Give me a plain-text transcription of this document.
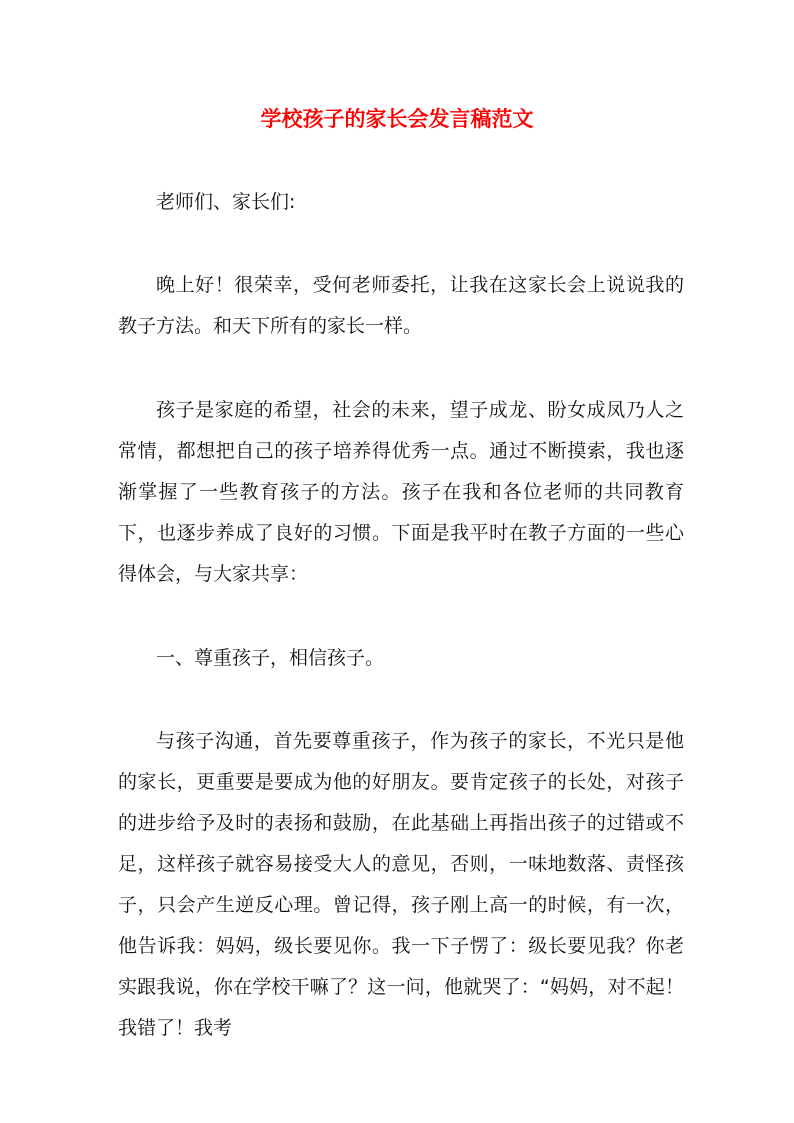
学校孩子的家长会发言稿范文

老师们、家长们:

晚上好！很荣幸，受何老师委托，让我在这家长会上说说我的教子方法。和天下所有的家长一样。

孩子是家庭的希望，社会的未来，望子成龙、盼女成凤乃人之常情，都想把自己的孩子培养得优秀一点。通过不断摸索，我也逐渐掌握了一些教育孩子的方法。孩子在我和各位老师的共同教育下，也逐步养成了良好的习惯。下面是我平时在教子方面的一些心得体会，与大家共享：

一、尊重孩子，相信孩子。

与孩子沟通，首先要尊重孩子，作为孩子的家长，不光只是他的家长，更重要是要成为他的好朋友。要肯定孩子的长处，对孩子的进步给予及时的表扬和鼓励，在此基础上再指出孩子的过错或不足，这样孩子就容易接受大人的意见，否则，一味地数落、责怪孩子，只会产生逆反心理。曾记得，孩子刚上高一的时候，有一次，他告诉我：妈妈，级长要见你。我一下子愣了：级长要见我？你老实跟我说，你在学校干嘛了？这一问，他就哭了：“妈妈，对不起！我错了！我考
